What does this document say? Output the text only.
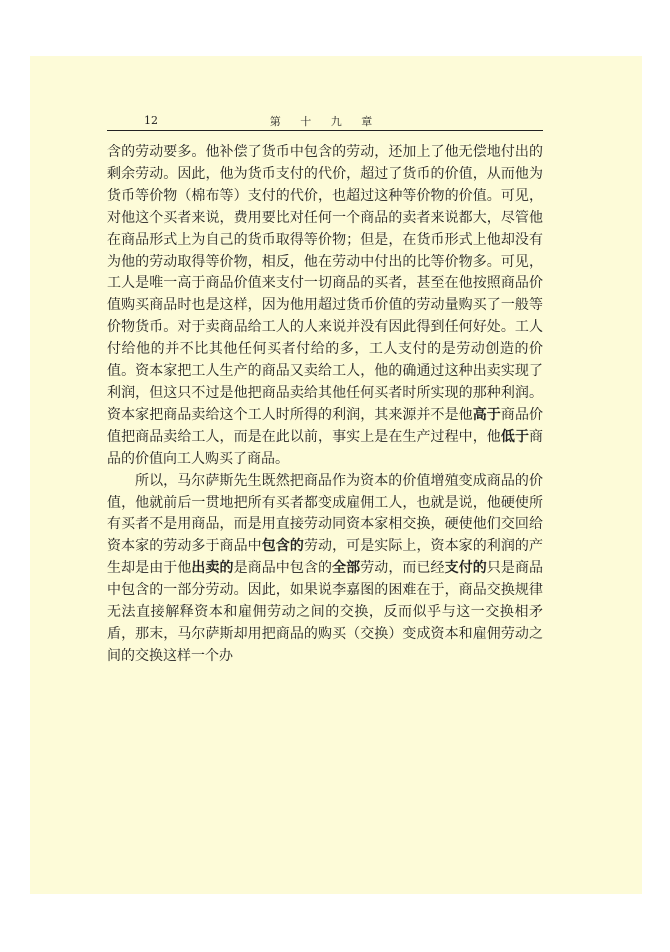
12	第 十 九 章

含的劳动要多。他补偿了货币中包含的劳动，还加上了他无偿地付出的剩余劳动。因此，他为货币支付的代价，超过了货币的价值，从而他为货币等价物（棉布等）支付的代价，也超过这种等价物的价值。可见，对他这个买者来说，费用要比对任何一个商品的卖者来说都大，尽管他在商品形式上为自己的货币取得等价物；但是，在货币形式上他却没有为他的劳动取得等价物，相反，他在劳动中付出的比等价物多。可见，工人是唯一高于商品价值来支付一切商品的买者，甚至在他按照商品价值购买商品时也是这样，因为他用超过货币价值的劳动量购买了一般等价物货币。对于卖商品给工人的人来说并没有因此得到任何好处。工人付给他的并不比其他任何买者付给的多，工人支付的是劳动创造的价值。资本家把工人生产的商品又卖给工人，他的确通过这种出卖实现了利润，但这只不过是他把商品卖给其他任何买者时所实现的那种利润。资本家把商品卖给这个工人时所得的利润，其来源并不是他高于商品价值把商品卖给工人，而是在此以前，事实上是在生产过程中，他低于商品的价值向工人购买了商品。

所以，马尔萨斯先生既然把商品作为资本的价值增殖变成商品的价值，他就前后一贯地把所有买者都变成雇佣工人，也就是说，他硬使所有买者不是用商品，而是用直接劳动同资本家相交换，硬使他们交回给资本家的劳动多于商品中包含的劳动，可是实际上，资本家的利润的产生却是由于他出卖的是商品中包含的全部劳动，而已经支付的只是商品中包含的一部分劳动。因此，如果说李嘉图的困难在于，商品交换规律无法直接解释资本和雇佣劳动之间的交换，反而似乎与这一交换相矛盾，那末，马尔萨斯却用把商品的购买（交换）变成资本和雇佣劳动之间的交换这样一个办
